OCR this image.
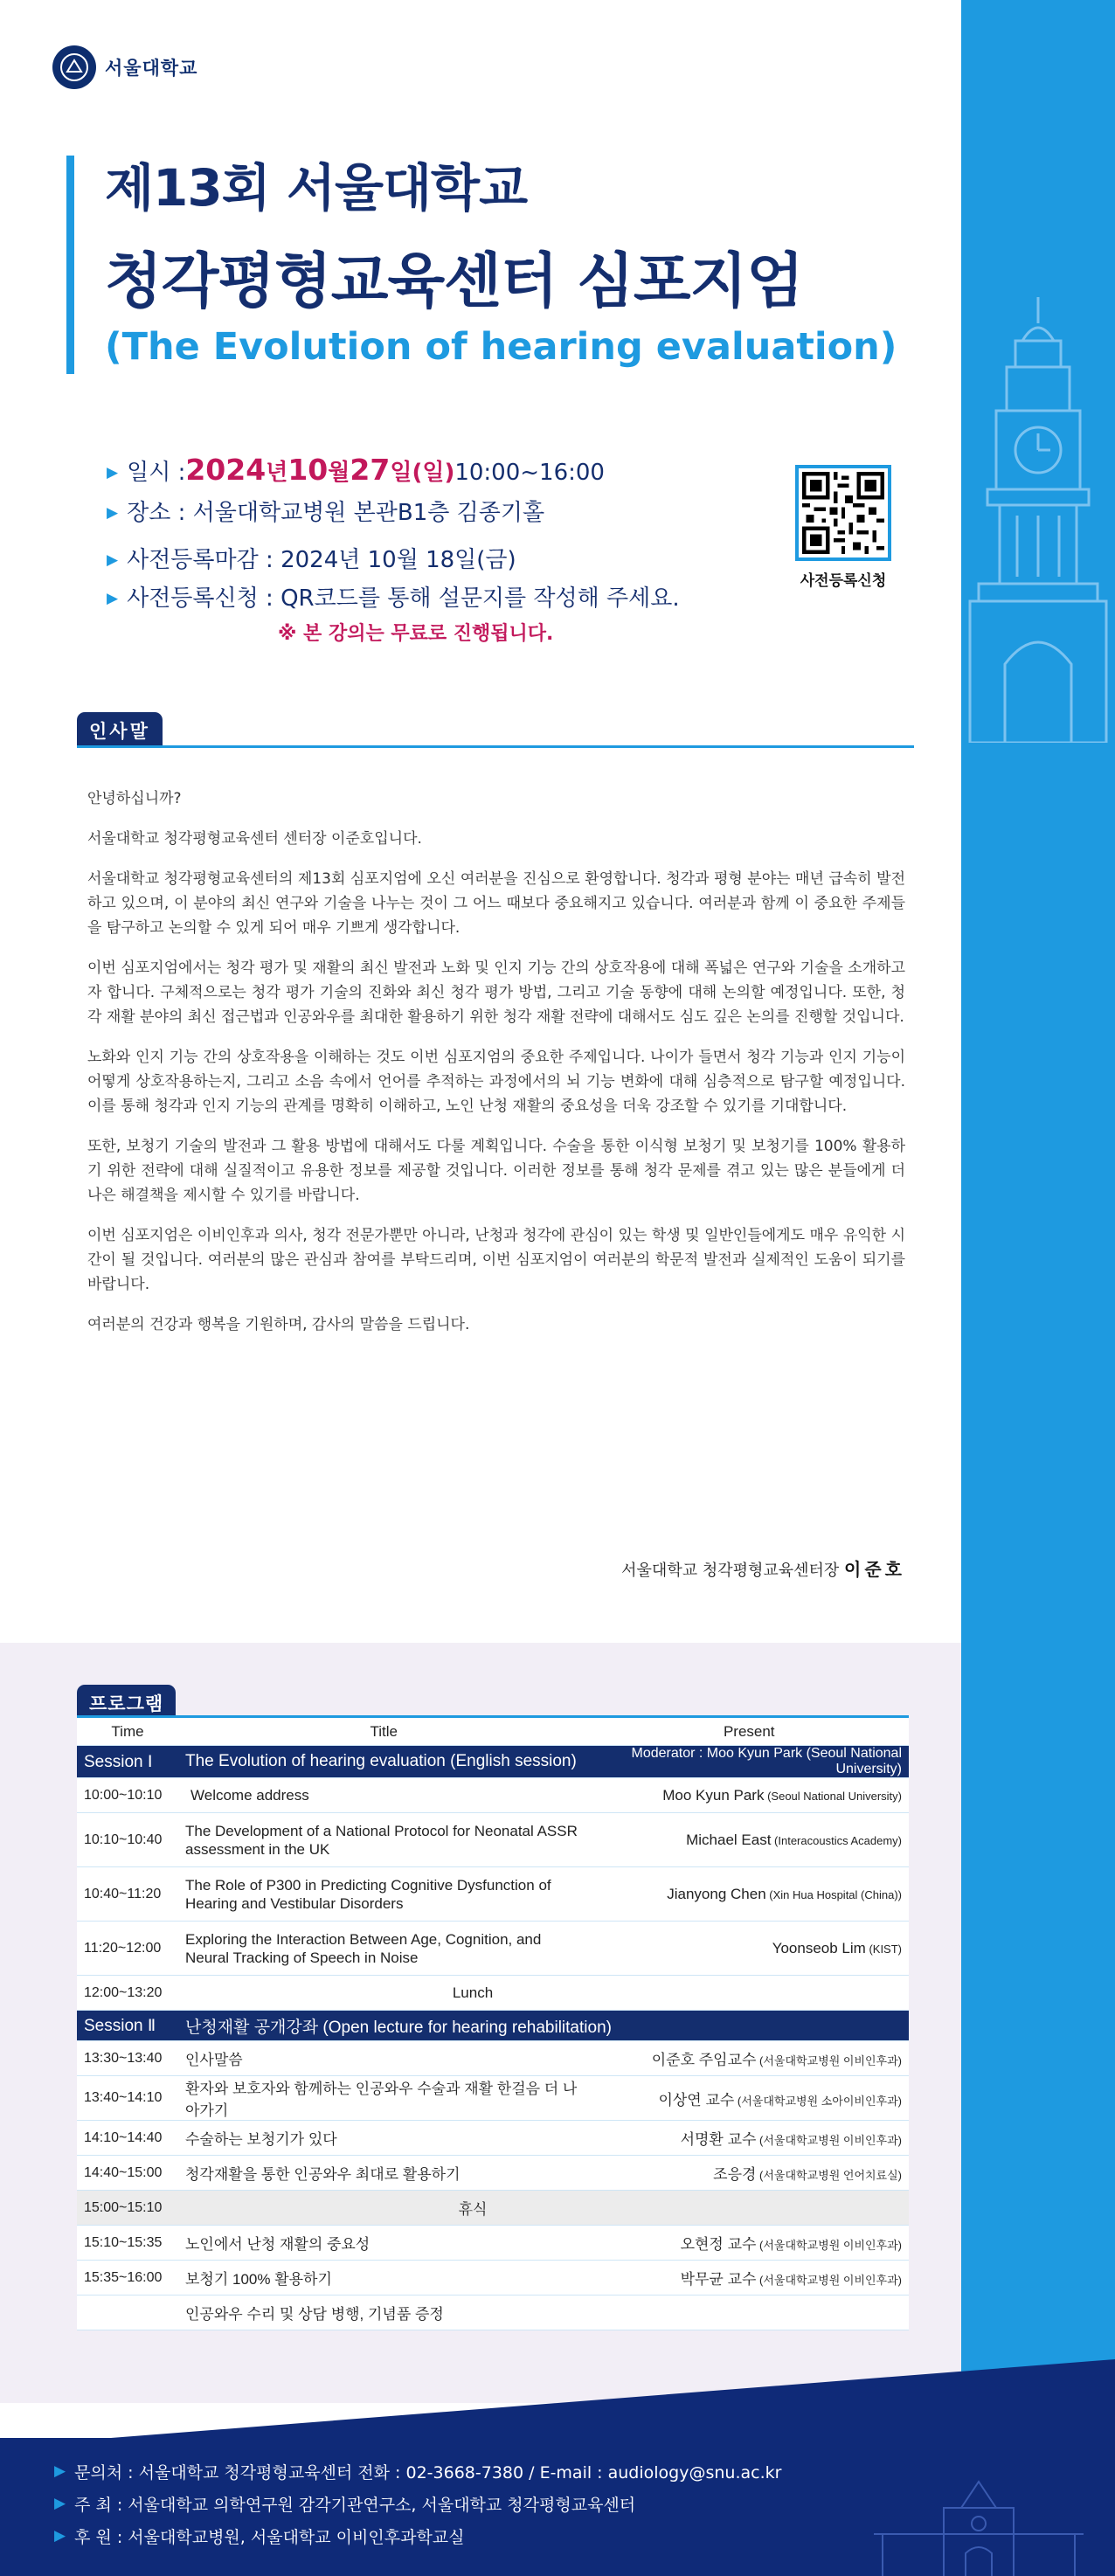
서울대학교
제13회 서울대학교
청각평형교육센터 심포지엄
(The Evolution of hearing evaluation)
▶ 일시 : 2024 년 10 월 27 일(일) 10:00~16:00
▶ 장소 : 서울대학교병원 본관B1층 김종기홀
▶ 사전등록마감 : 2024년 10월 18일(금)
▶ 사전등록신청 : QR코드를 통해 설문지를 작성해 주세요.
※ 본 강의는 무료로 진행됩니다.
사전등록신청
인사말

안녕하십니까?

서울대학교 청각평형교육센터 센터장 이준호입니다.

서울대학교 청각평형교육센터의 제13회 심포지엄에 오신 여러분을 진심으로 환영합니다. 청각과 평형 분야는 매년 급속히 발전하고 있으며, 이 분야의 최신 연구와 기술을 나누는 것이 그 어느 때보다 중요해지고 있습니다. 여러분과 함께 이 중요한 주제들을 탐구하고 논의할 수 있게 되어 매우 기쁘게 생각합니다.

이번 심포지엄에서는 청각 평가 및 재활의 최신 발전과 노화 및 인지 기능 간의 상호작용에 대해 폭넓은 연구와 기술을 소개하고자 합니다. 구체적으로는 청각 평가 기술의 진화와 최신 청각 평가 방법, 그리고 기술 동향에 대해 논의할 예정입니다. 또한, 청각 재활 분야의 최신 접근법과 인공와우를 최대한 활용하기 위한 청각 재활 전략에 대해서도 심도 깊은 논의를 진행할 것입니다.

노화와 인지 기능 간의 상호작용을 이해하는 것도 이번 심포지엄의 중요한 주제입니다. 나이가 들면서 청각 기능과 인지 기능이 어떻게 상호작용하는지, 그리고 소음 속에서 언어를 추적하는 과정에서의 뇌 기능 변화에 대해 심층적으로 탐구할 예정입니다. 이를 통해 청각과 인지 기능의 관계를 명확히 이해하고, 노인 난청 재활의 중요성을 더욱 강조할 수 있기를 기대합니다.

또한, 보청기 기술의 발전과 그 활용 방법에 대해서도 다룰 계획입니다. 수술을 통한 이식형 보청기 및 보청기를 100% 활용하기 위한 전략에 대해 실질적이고 유용한 정보를 제공할 것입니다. 이러한 정보를 통해 청각 문제를 겪고 있는 많은 분들에게 더 나은 해결책을 제시할 수 있기를 바랍니다.

이번 심포지엄은 이비인후과 의사, 청각 전문가뿐만 아니라, 난청과 청각에 관심이 있는 학생 및 일반인들에게도 매우 유익한 시간이 될 것입니다. 여러분의 많은 관심과 참여를 부탁드리며, 이번 심포지엄이 여러분의 학문적 발전과 실제적인 도움이 되기를 바랍니다.

여러분의 건강과 행복을 기원하며, 감사의 말씀을 드립니다.

서울대학교 청각평형교육센터장 이준호
프로그램
Time	Title	Present
Session Ⅰ	The Evolution of hearing evaluation (English session)	Moderator : Moo Kyun Park (Seoul National University)
10:00~10:10	Welcome address	Moo Kyun Park (Seoul National University)
10:10~10:40	The Development of a National Protocol for Neonatal ASSR assessment in the UK	Michael East (Interacoustics Academy)
10:40~11:20	The Role of P300 in Predicting Cognitive Dysfunction of Hearing and Vestibular Disorders	Jianyong Chen (Xin Hua Hospital (China))
11:20~12:00	Exploring the Interaction Between Age, Cognition, and Neural Tracking of Speech in Noise	Yoonseob Lim (KIST)
12:00~13:20	Lunch	
Session Ⅱ	난청재활 공개강좌 (Open lecture for hearing rehabilitation)	
13:30~13:40	인사말씀	이준호 주임교수 (서울대학교병원 이비인후과)
13:40~14:10	환자와 보호자와 함께하는 인공와우 수술과 재활 한걸음 더 나아가기	이상연 교수 (서울대학교병원 소아이비인후과)
14:10~14:40	수술하는 보청기가 있다	서명환 교수 (서울대학교병원 이비인후과)
14:40~15:00	청각재활을 통한 인공와우 최대로 활용하기	조응경 (서울대학교병원 언어치료실)
15:00~15:10	휴식	
15:10~15:35	노인에서 난청 재활의 중요성	오현정 교수 (서울대학교병원 이비인후과)
15:35~16:00	보청기 100% 활용하기	박무균 교수 (서울대학교병원 이비인후과)
	인공와우 수리 및 상담 병행, 기념품 증정	
▶ 문의처 : 서울대학교 청각평형교육센터 전화 : 02-3668-7380 / E-mail : audiology@snu.ac.kr
▶ 주 최 : 서울대학교 의학연구원 감각기관연구소, 서울대학교 청각평형교육센터
▶ 후 원 : 서울대학교병원, 서울대학교 이비인후과학교실
